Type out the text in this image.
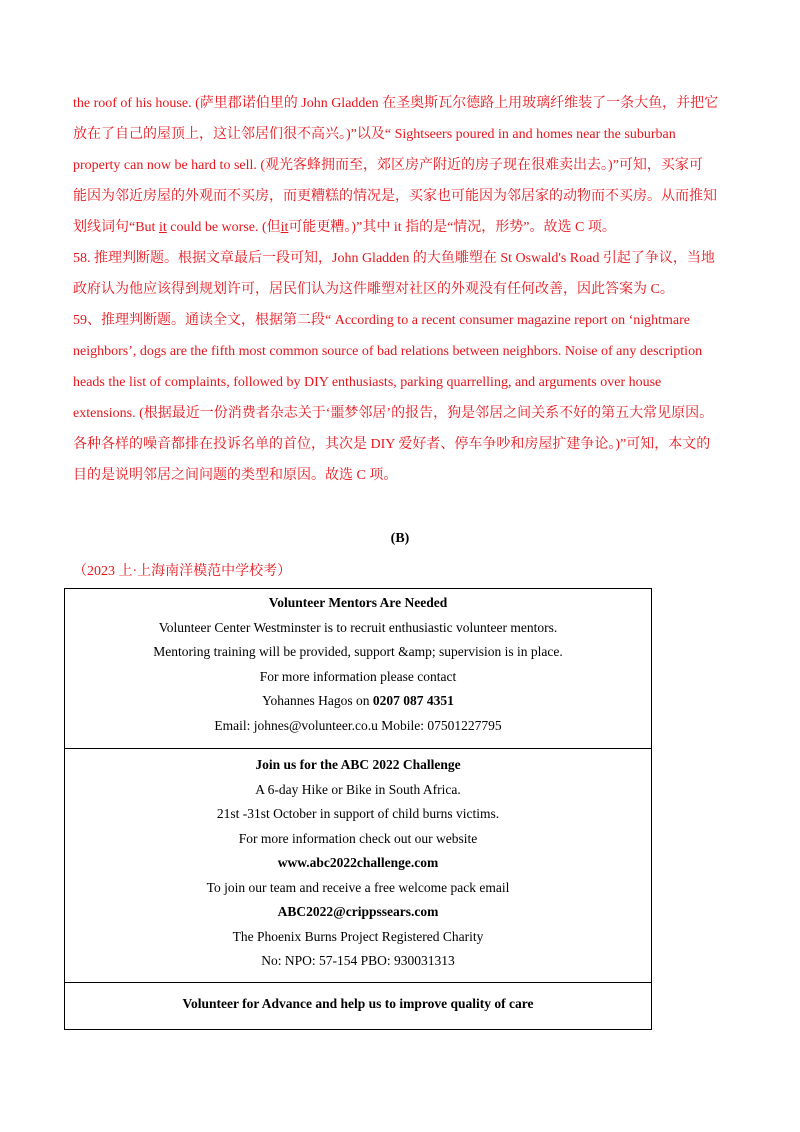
the roof of his house. (萨里郡诺伯里的 John Gladden 在圣奥斯瓦尔德路上用玻璃纤维装了一条大鱼，并把它

放在了自己的屋顶上，这让邻居们很不高兴。)”以及“ Sightseers poured in and homes near the suburban

property can now be hard to sell. (观光客蜂拥而至，郊区房产附近的房子现在很难卖出去。)”可知，买家可

能因为邻近房屋的外观而不买房，而更糟糕的情况是，买家也可能因为邻居家的动物而不买房。从而推知

划线词句“But it could be worse. (但it可能更糟。)”其中 it 指的是“情况，形势”。故选 C 项。

58. 推理判断题。根据文章最后一段可知，John Gladden 的大鱼雕塑在 St Oswald's Road 引起了争议，当地

政府认为他应该得到规划许可，居民们认为这件雕塑对社区的外观没有任何改善，因此答案为 C。

59、推理判断题。通读全文，根据第二段“ According to a recent consumer magazine report on ‘nightmare

neighbors’, dogs are the fifth most common source of bad relations between neighbors. Noise of any description

heads the list of complaints, followed by DIY enthusiasts, parking quarrelling, and arguments over house

extensions. (根据最近一份消费者杂志关于‘噩梦邻居’的报告，狗是邻居之间关系不好的第五大常见原因。

各种各样的噪音都排在投诉名单的首位，其次是 DIY 爱好者、停车争吵和房屋扩建争论。)”可知，本文的

目的是说明邻居之间问题的类型和原因。故选 C 项。

(B)
（2023 上·上海南洋模范中学校考）
Volunteer Mentors Are Needed
Volunteer Center Westminster is to recruit enthusiastic volunteer mentors.
Mentoring training will be provided, support &amp; supervision is in place.
For more information please contact
Yohannes Hagos on 0207 087 4351
Email: johnes@volunteer.co.u Mobile: 07501227795
Join us for the ABC 2022 Challenge
A 6-day Hike or Bike in South Africa.
21st -31st October in support of child burns victims.
For more information check out our website
www.abc2022challenge.com
To join our team and receive a free welcome pack email
ABC2022@crippssears.com
The Phoenix Burns Project Registered Charity
No: NPO: 57-154 PBO: 930031313
Volunteer for Advance and help us to improve quality of care
